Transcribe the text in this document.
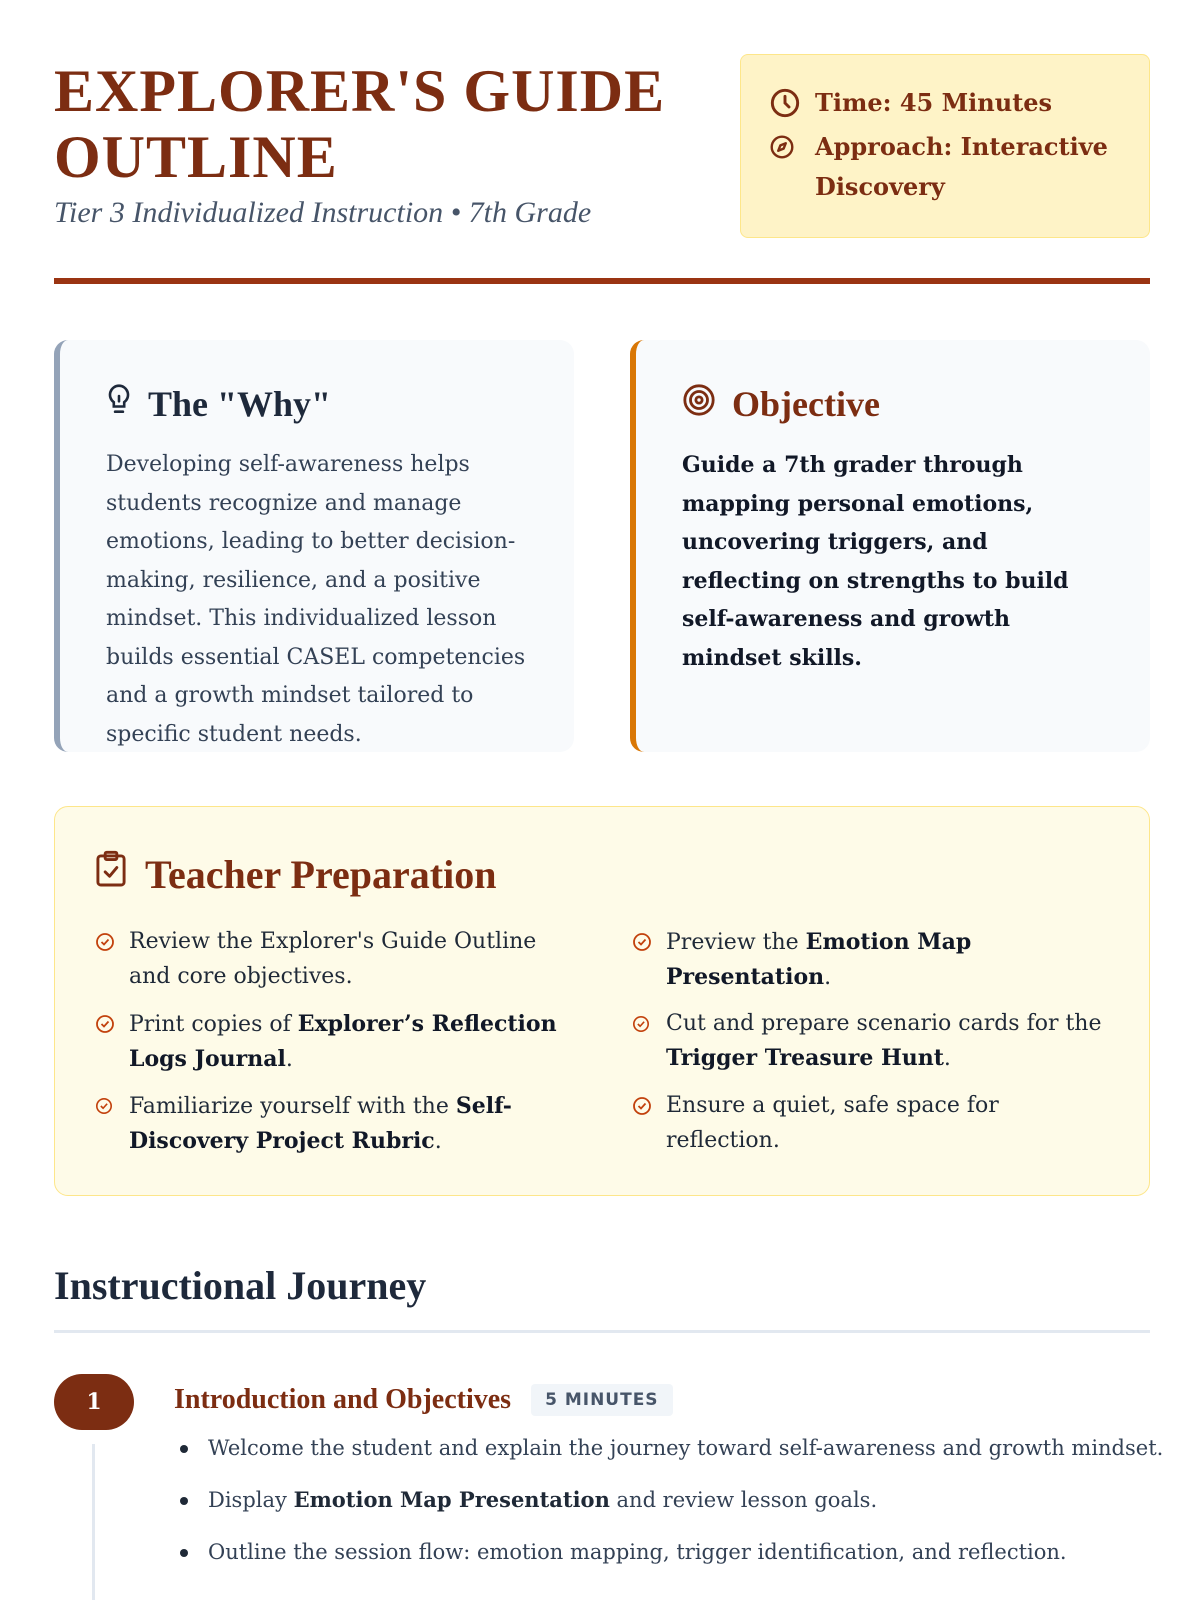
EXPLORER'S GUIDE OUTLINE
Tier 3 Individualized Instruction • 7th Grade
Time: 45 Minutes
Approach: Interactive Discovery
The "Why"

Developing self-awareness helps students recognize and manage emotions, leading to better decision-making, resilience, and a positive mindset. This individualized lesson builds essential CASEL competencies and a growth mindset tailored to specific student needs.

Objective

Guide a 7th grader through mapping personal emotions, uncovering triggers, and reflecting on strengths to build self-awareness and growth mindset skills.

Teacher Preparation
Review the Explorer's Guide Outline and core objectives.
Preview the Emotion Map Presentation.
Print copies of Explorer’s Reflection Logs Journal.
Cut and prepare scenario cards for the Trigger Treasure Hunt.
Familiarize yourself with the Self-Discovery Project Rubric.
Ensure a quiet, safe space for reflection.
Instructional Journey
1	Introduction and Objectives	5 MINUTES
Welcome the student and explain the journey toward self-awareness and growth mindset.
Display Emotion Map Presentation and review lesson goals.
Outline the session flow: emotion mapping, trigger identification, and reflection.
